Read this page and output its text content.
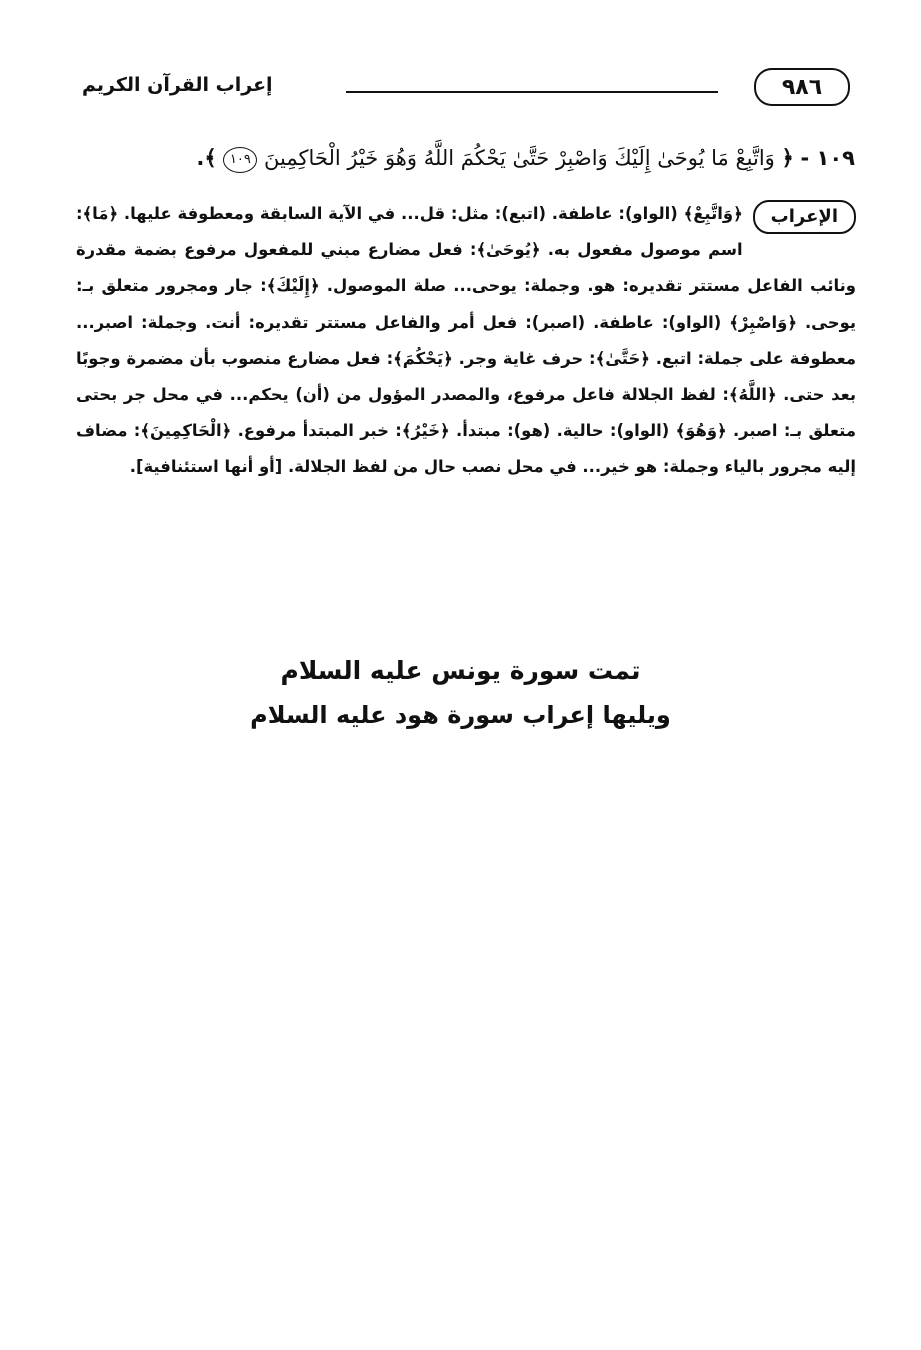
٩٨٦
إعراب القرآن الكريم
١٠٩ - ﴿ وَاتَّبِعْ مَا يُوحَىٰ إِلَيْكَ وَاصْبِرْ حَتَّىٰ يَحْكُمَ اللَّهُ وَهُوَ خَيْرُ الْحَاكِمِينَ ١٠٩ ﴾.
الإعراب

﴿وَاتَّبِعْ﴾ (الواو): عاطفة. (اتبع): مثل: قل... في الآية السابقة ومعطوفة عليها. ﴿مَا﴾: اسم موصول مفعول به. ﴿يُوحَىٰ﴾: فعل مضارع مبني للمفعول مرفوع بضمة مقدرة ونائب الفاعل مستتر تقديره: هو. وجملة: يوحى... صلة الموصول. ﴿إِلَيْكَ﴾: جار ومجرور متعلق بـ: يوحى. ﴿وَاصْبِرْ﴾ (الواو): عاطفة. (اصبر): فعل أمر والفاعل مستتر تقديره: أنت. وجملة: اصبر... معطوفة على جملة: اتبع. ﴿حَتَّىٰ﴾: حرف غاية وجر. ﴿يَحْكُمَ﴾: فعل مضارع منصوب بأن مضمرة وجوبًا بعد حتى. ﴿اللَّهُ﴾: لفظ الجلالة فاعل مرفوع، والمصدر المؤول من (أن) يحكم... في محل جر بحتى متعلق بـ: اصبر. ﴿وَهُوَ﴾ (الواو): حالية. (هو): مبتدأ. ﴿خَيْرُ﴾: خبر المبتدأ مرفوع. ﴿الْحَاكِمِينَ﴾: مضاف إليه مجرور بالياء وجملة: هو خير... في محل نصب حال من لفظ الجلالة. [أو أنها استئنافية].

تمت سورة يونس عليه السلام
ويليها إعراب سورة هود عليه السلام
